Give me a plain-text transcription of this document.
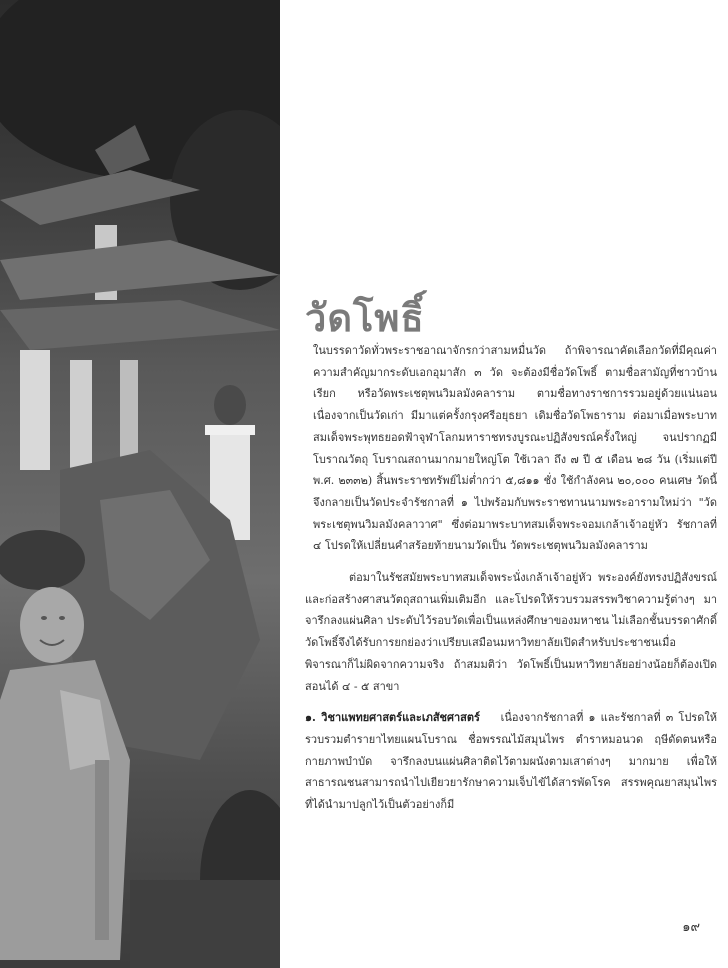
วัดโพธิ์ในบรรดาวัดทั่วพระราชอาณาจักรกว่าสามหมื่นวัด ถ้าพิจารณาคัดเลือกวัดที่มีคุณค่าความสำคัญมากระดับเอกอุมาสัก ๓ วัด จะต้องมีชื่อวัดโพธิ์ ตามชื่อสามัญที่ชาวบ้านเรียก หรือวัดพระเชตุพนวิมลมังคลาราม ตามชื่อทางราชการรวมอยู่ด้วยแน่นอน เนื่องจากเป็นวัดเก่า มีมาแต่ครั้งกรุงศรีอยุธยา เดิมชื่อวัดโพธาราม ต่อมาเมื่อพระบาทสมเด็จพระพุทธยอดฟ้าจุฬาโลกมหาราชทรงบูรณะปฏิสังขรณ์ครั้งใหญ่ จนปรากฏมีโบราณวัตถุ โบราณสถานมากมายใหญ่โต ใช้เวลา ถึง ๗ ปี ๕ เดือน ๒๘ วัน (เริ่มแต่ปี พ.ศ. ๒๓๓๒) สิ้นพระราชทรัพย์ไม่ต่ำกว่า ๕,๘๑๑ ชั่ง ใช้กำลังคน ๒๐,๐๐๐ คนเศษ วัดนี้จึงกลายเป็นวัดประจำรัชกาลที่ ๑ ไปพร้อมกับพระราชทานนามพระอารามใหม่ว่า "วัดพระเชตุพนวิมลมังคลาวาศ" ซึ่งต่อมาพระบาทสมเด็จพระจอมเกล้าเจ้าอยู่หัว รัชกาลที่ ๔ โปรดให้เปลี่ยนคำสร้อยท้ายนามวัดเป็น วัดพระเชตุพนวิมลมังคลาราม

ต่อมาในรัชสมัยพระบาทสมเด็จพระนั่งเกล้าเจ้าอยู่หัว พระองค์ยังทรงปฏิสังขรณ์และก่อสร้างศาสนวัตถุสถานเพิ่มเติมอีก และโปรดให้รวบรวมสรรพวิชาความรู้ต่างๆ มาจารึกลงแผ่นศิลา ประดับไว้รอบวัดเพื่อเป็นแหล่งศึกษาของมหาชน ไม่เลือกชั้นบรรดาศักดิ์ วัดโพธิ์จึงได้รับการยกย่องว่าเปรียบเสมือนมหาวิทยาลัยเปิดสำหรับประชาชนเมื่อพิจารณาก็ไม่ผิดจากความจริง ถ้าสมมติว่า วัดโพธิ์เป็นมหาวิทยาลัยอย่างน้อยก็ต้องเปิดสอนได้ ๔ - ๕ สาขา

๑. วิชาแพทยศาสตร์และเภสัชศาสตร์ เนื่องจากรัชกาลที่ ๑ และรัชกาลที่ ๓ โปรดให้รวบรวมตำรายาไทยแผนโบราณ ชื่อพรรณไม้สมุนไพร ตำราหมอนวด ฤษีดัดตนหรือกายภาพบำบัด จารึกลงบนแผ่นศิลาติดไว้ตามผนังตามเสาต่างๆ มากมาย เพื่อให้สาธารณชนสามารถนำไปเยียวยารักษาความเจ็บไข้ได้สารพัดโรค สรรพคุณยาสมุนไพรที่ได้นำมาปลูกไว้เป็นตัวอย่างก็มี

๑๙
